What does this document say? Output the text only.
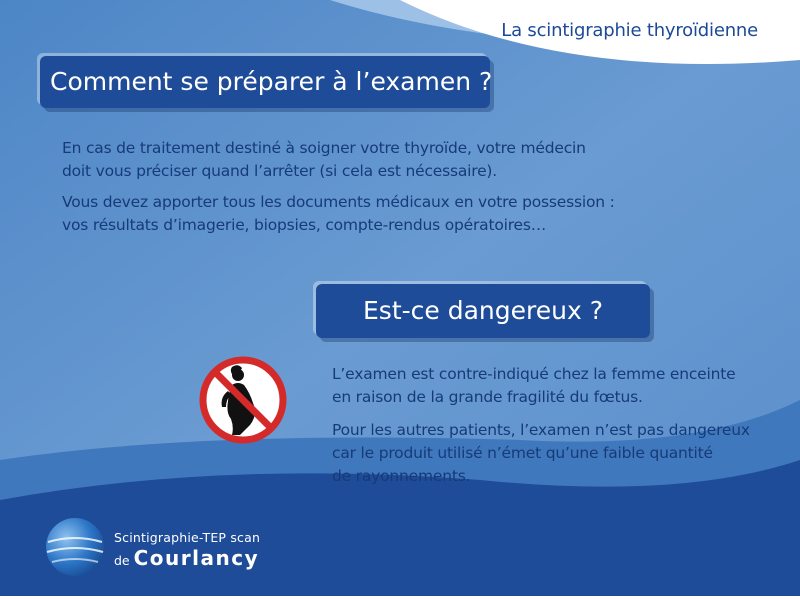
La scintigraphie thyroïdienne
Comment se préparer à l’examen ?

En cas de traitement destiné à soigner votre thyroïde, votre médecin
doit vous préciser quand l’arrêter (si cela est nécessaire).

Vous devez apporter tous les documents médicaux en votre possession :
vos résultats d’imagerie, biopsies, compte-rendus opératoires…

Est-ce dangereux ?

L’examen est contre-indiqué chez la femme enceinte
en raison de la grande fragilité du fœtus.

Pour les autres patients, l’examen n’est pas dangereux
car le produit utilisé n’émet qu’une faible quantité
de rayonnements.

Scintigraphie-TEP scan
de Courlancy
